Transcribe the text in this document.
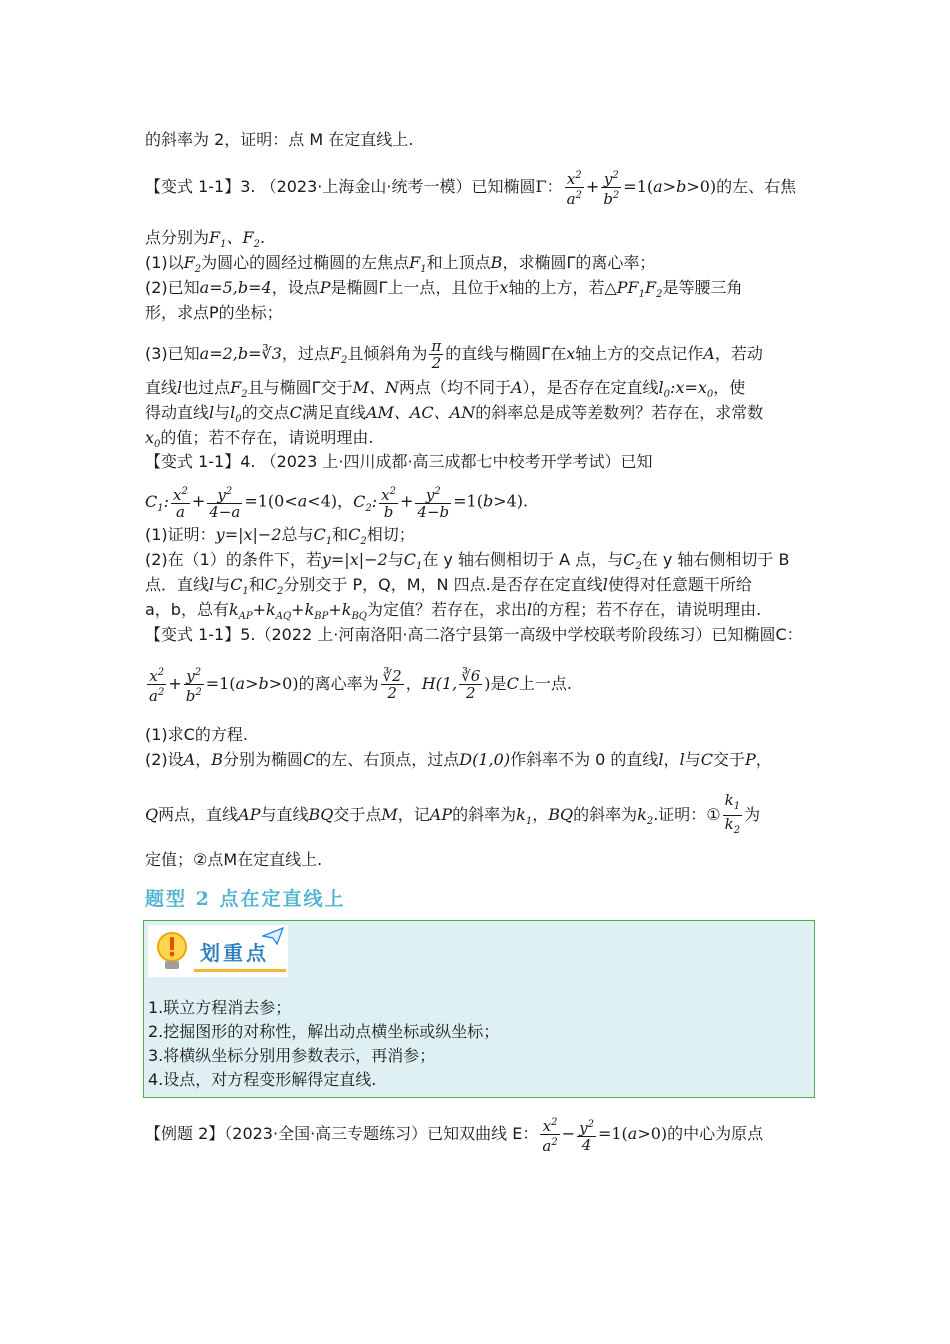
的斜率为 2，证明：点 M 在定直线上.
【变式 1-1】3. （2023·上海金山·统考一模）已知椭圆Γ： $\frac{x^2}{a^2} + \frac{y^2}{b^2} =1(a>b>0)$的左、右焦
点分别为$F_1$、$F_2$.
(1)以$F_2$为圆心的圆经过椭圆的左焦点$F_1$和上顶点B，求椭圆Γ的离心率；
(2)已知a=5,b=4，设点P是椭圆Γ上一点，且位于x轴的上方，若$\triangle PF_1F_2$是等腰三角
形，求点P的坐标；
(3)已知a=2,b=∛3，过点$F_2$且倾斜角为 $\frac{\pi}{2}$ 的直线与椭圆Γ在x轴上方的交点记作A，若动
直线l也过点$F_2$且与椭圆Γ交于M、N两点（均不同于A），是否存在定直线$l_0:x=x_0$，使
得动直线l与$l_0$的交点C满足直线AM、AC、AN的斜率总是成等差数列？若存在，求常数
$x_0$的值；若不存在，请说明理由.
【变式 1-1】4. （2023 上·四川成都·高三成都七中校考开学考试）已知
$C_1$: $\frac{x^2}{a} + \frac{y^2}{4-a} =1(0<a<4)$，$C_2$: $\frac{x^2}{b} + \frac{y^2}{4-b} =1(b>4)$.
(1)证明：y=|x|−2总与$C_1$和$C_2$相切；
(2)在（1）的条件下，若y=|x|−2与$C_1$在 y 轴右侧相切于 A 点，与$C_2$在 y 轴右侧相切于 B
点．直线l与$C_1$和$C_2$分别交于 P，Q，M，N 四点.是否存在定直线l使得对任意题干所给
a，b，总有$k_{AP}+k_{AQ}+k_{BP}+k_{BQ}$为定值？若存在，求出l的方程；若不存在，请说明理由.
【变式 1-1】5.（2022 上·河南洛阳·高二洛宁县第一高级中学校联考阶段练习）已知椭圆C：
$\frac{x^2}{a^2} + \frac{y^2}{b^2} =1(a>b>0)$的离心率为 $\frac{∛2}{2}$ ，H(1, $\frac{∛6}{2}$ )是C上一点.
(1)求C的方程.
(2)设A，B分别为椭圆C的左、右顶点，过点D(1,0)作斜率不为 0 的直线l，l与C交于P，
Q两点，直线AP与直线BQ交于点M，记AP的斜率为$k_1$，BQ的斜率为$k_2$.证明：① $\frac{k_1}{k_2}$ 为
定值；②点M在定直线上.
题型 2 点在定直线上
划重点
1.联立方程消去参；
2.挖掘图形的对称性，解出动点横坐标或纵坐标；
3.将横纵坐标分别用参数表示，再消参；
4.设点，对方程变形解得定直线.
【例题 2】（2023·全国·高三专题练习）已知双曲线 E： $\frac{x^2}{a^2} - \frac{y^2}{4} =1(a>0)$的中心为原点
